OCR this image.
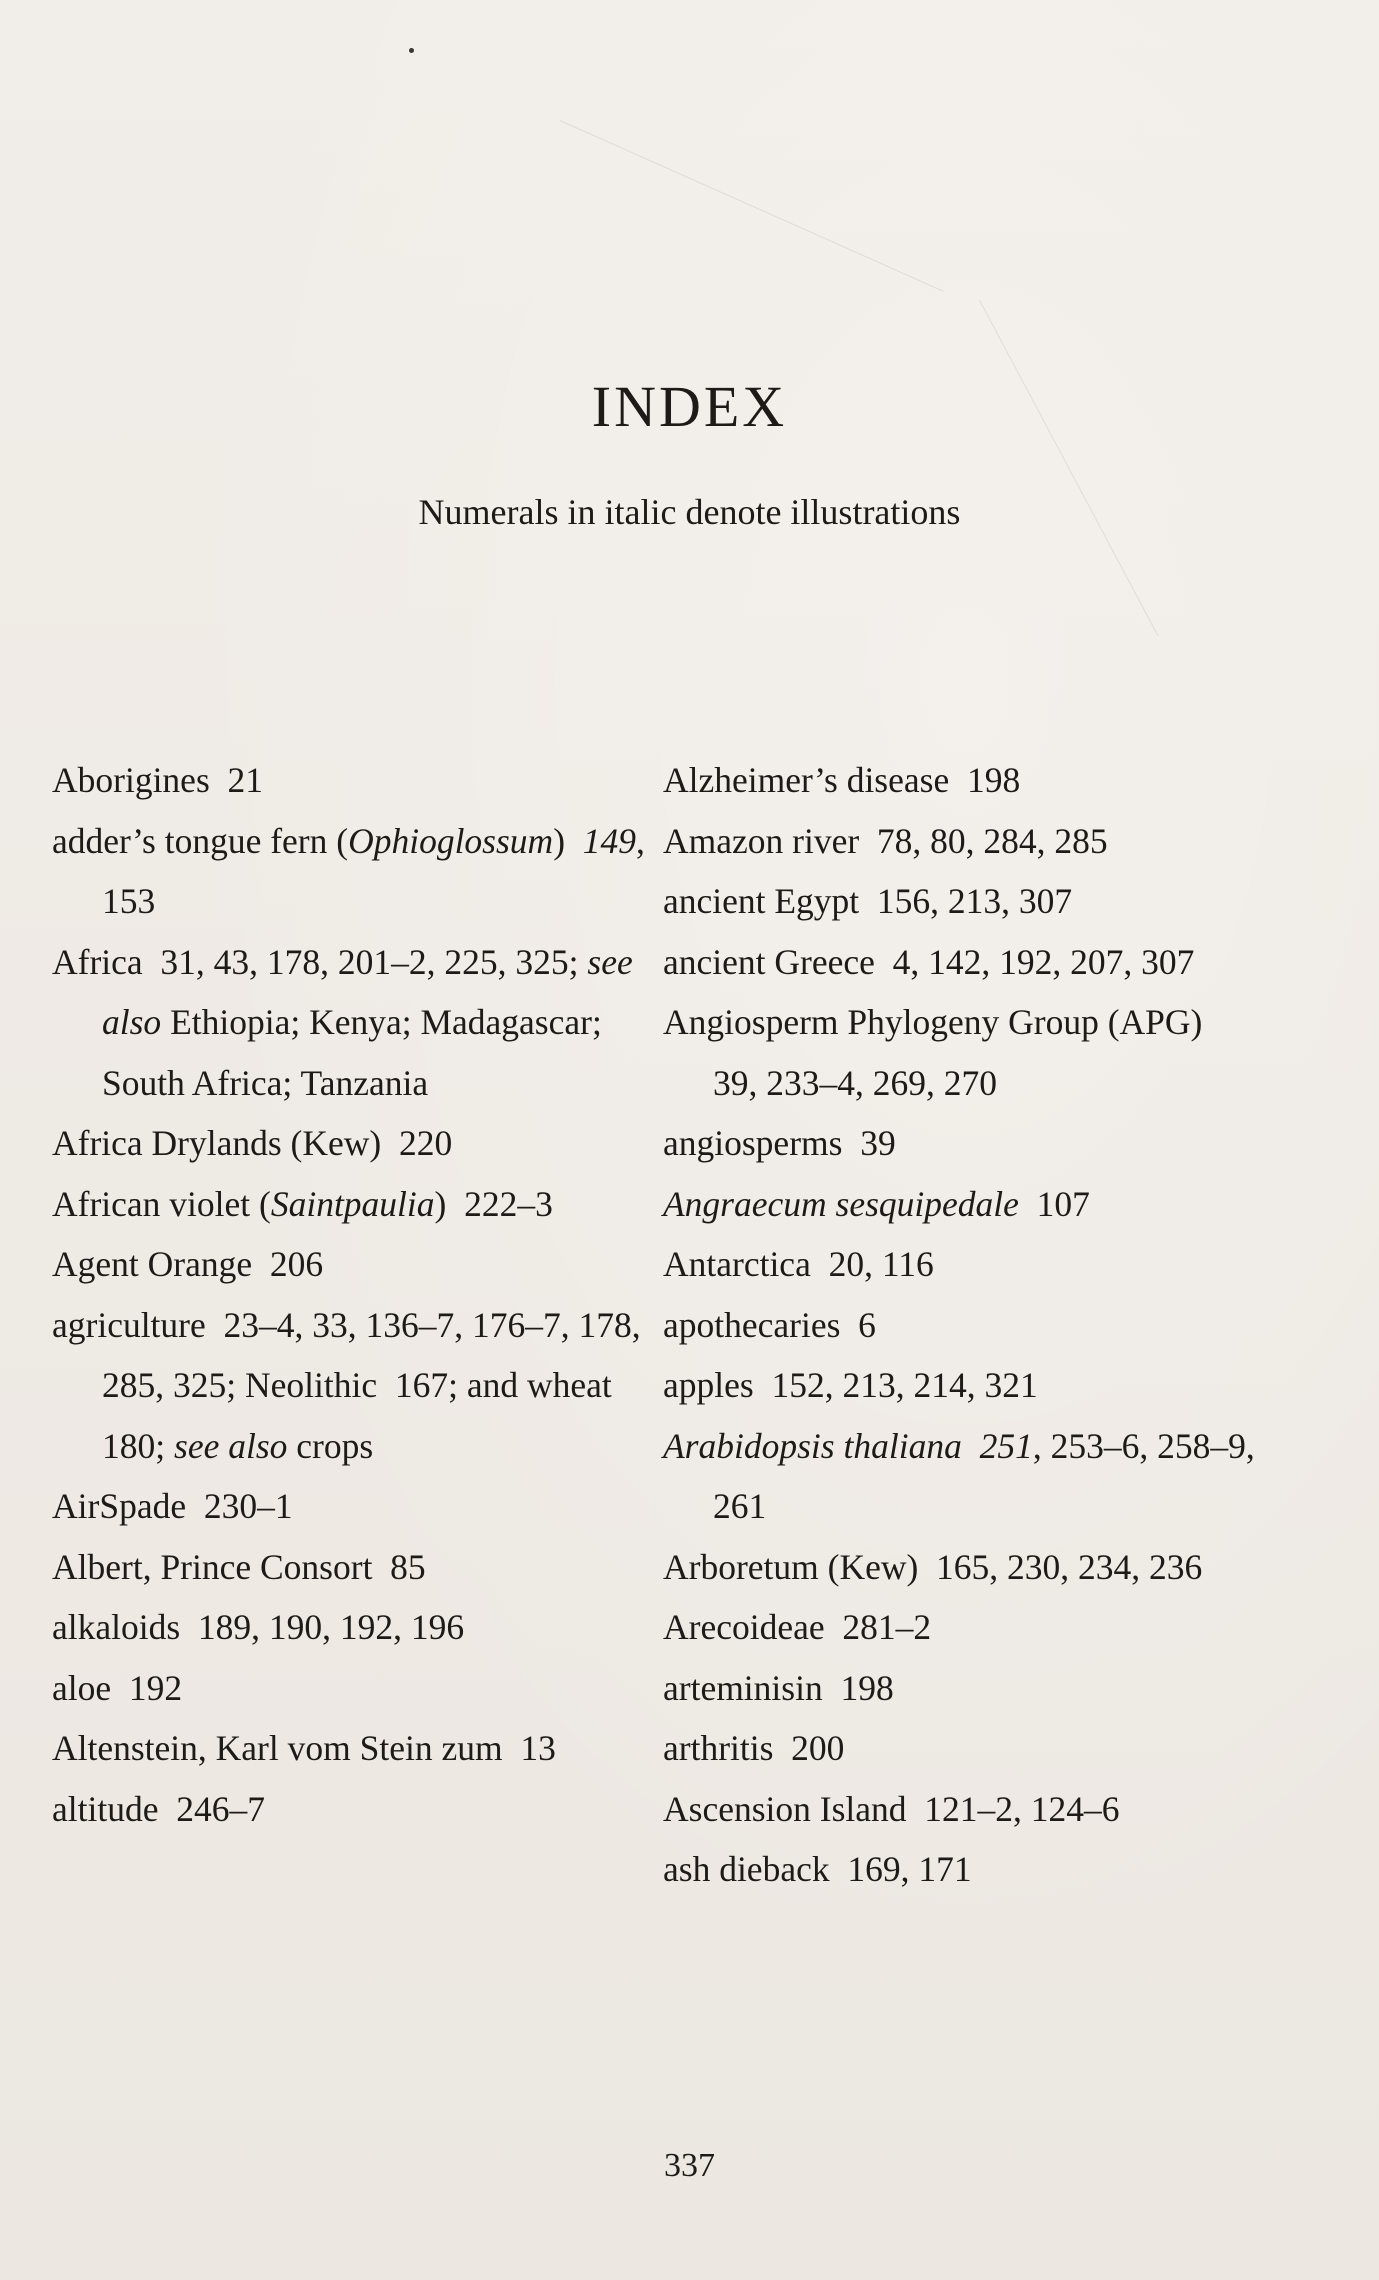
INDEX
Numerals in italic denote illustrations

Aborigines  21

adder’s tongue fern (Ophioglossum)  149, 153

Africa  31, 43, 178, 201–2, 225, 325; see also Ethiopia; Kenya; Madagascar; South Africa; Tanzania

Africa Drylands (Kew)  220

African violet (Saintpaulia)  222–3

Agent Orange  206

agriculture  23–4, 33, 136–7, 176–7, 178, 285, 325; Neolithic  167; and wheat  180; see also crops

AirSpade  230–1

Albert, Prince Consort  85

alkaloids  189, 190, 192, 196

aloe  192

Altenstein, Karl vom Stein zum  13

altitude  246–7

Alzheimer’s disease  198

Amazon river  78, 80, 284, 285

ancient Egypt  156, 213, 307

ancient Greece  4, 142, 192, 207, 307

Angiosperm Phylogeny Group (APG)  39, 233–4, 269, 270

angiosperms  39

Angraecum sesquipedale  107

Antarctica  20, 116

apothecaries  6

apples  152, 213, 214, 321

Arabidopsis thaliana  251, 253–6, 258–9, 261

Arboretum (Kew)  165, 230, 234, 236

Arecoideae  281–2

arteminisin  198

arthritis  200

Ascension Island  121–2, 124–6

ash dieback  169, 171

337
